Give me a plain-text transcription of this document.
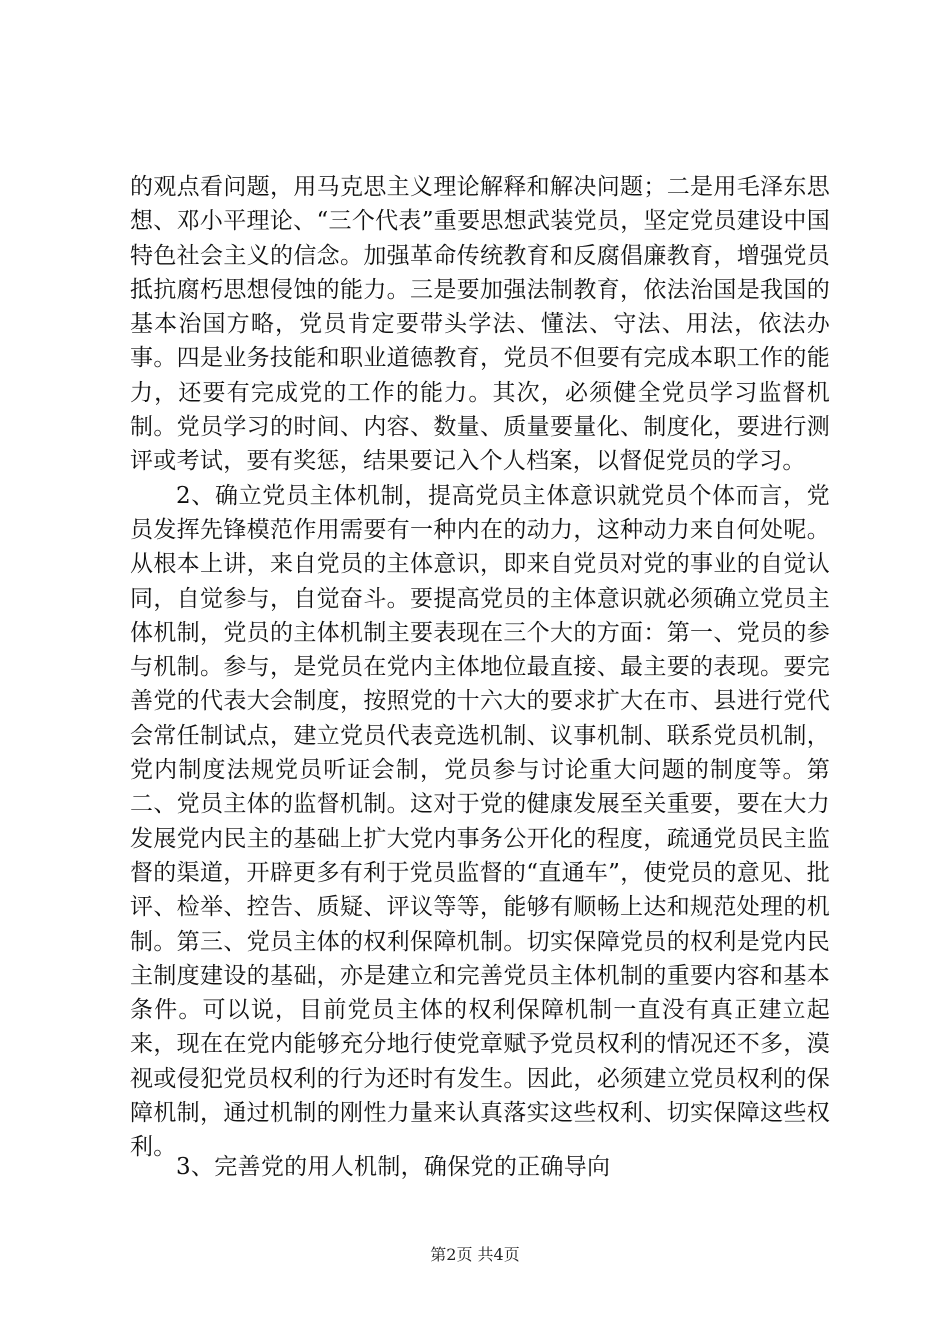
的观点看问题，用马克思主义理论解释和解决问题；二是用毛泽东思想、邓小平理论、“三个代表”重要思想武装党员，坚定党员建设中国特色社会主义的信念。加强革命传统教育和反腐倡廉教育，增强党员抵抗腐朽思想侵蚀的能力。三是要加强法制教育，依法治国是我国的基本治国方略，党员肯定要带头学法、懂法、守法、用法，依法办事。四是业务技能和职业道德教育，党员不但要有完成本职工作的能力，还要有完成党的工作的能力。其次，必须健全党员学习监督机制。党员学习的时间、内容、数量、质量要量化、制度化，要进行测评或考试，要有奖惩，结果要记入个人档案，以督促党员的学习。

2、确立党员主体机制，提高党员主体意识就党员个体而言，党员发挥先锋模范作用需要有一种内在的动力，这种动力来自何处呢。从根本上讲，来自党员的主体意识，即来自党员对党的事业的自觉认同，自觉参与，自觉奋斗。要提高党员的主体意识就必须确立党员主体机制，党员的主体机制主要表现在三个大的方面：第一、党员的参与机制。参与，是党员在党内主体地位最直接、最主要的表现。要完善党的代表大会制度，按照党的十六大的要求扩大在市、县进行党代会常任制试点，建立党员代表竞选机制、议事机制、联系党员机制，党内制度法规党员听证会制，党员参与讨论重大问题的制度等。第二、党员主体的监督机制。这对于党的健康发展至关重要，要在大力发展党内民主的基础上扩大党内事务公开化的程度，疏通党员民主监督的渠道，开辟更多有利于党员监督的“直通车”，使党员的意见、批评、检举、控告、质疑、评议等等，能够有顺畅上达和规范处理的机制。第三、党员主体的权利保障机制。切实保障党员的权利是党内民主制度建设的基础，亦是建立和完善党员主体机制的重要内容和基本条件。可以说，目前党员主体的权利保障机制一直没有真正建立起来，现在在党内能够充分地行使党章赋予党员权利的情况还不多，漠视或侵犯党员权利的行为还时有发生。因此，必须建立党员权利的保障机制，通过机制的刚性力量来认真落实这些权利、切实保障这些权利。

3、完善党的用人机制，确保党的正确导向
第2页 共4页
